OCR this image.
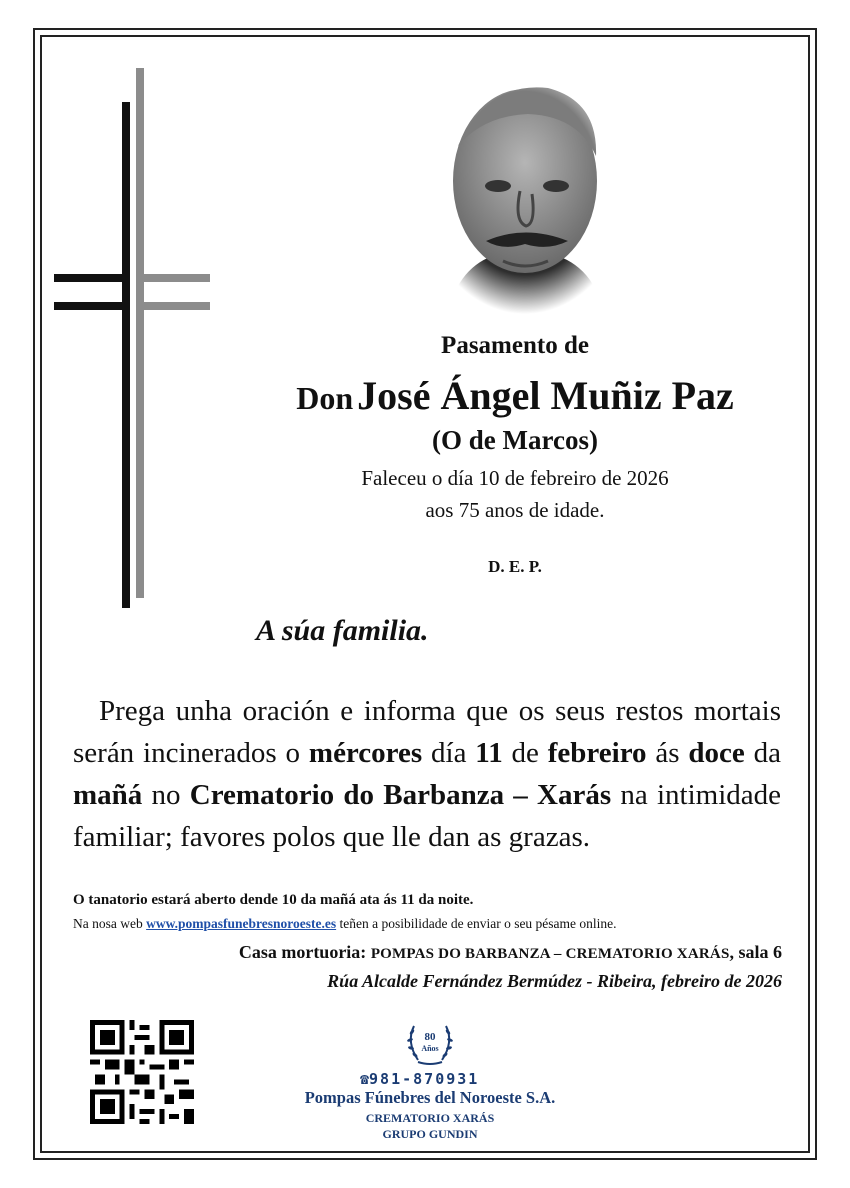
Pasamento de
Don José Ángel Muñiz Paz
(O de Marcos)
Faleceu o día 10 de febreiro de 2026
aos 75 anos de idade.
D. E. P.
A súa familia.
Prega unha oración e informa que os seus restos mortais serán incinerados o mércores día 11 de febreiro ás doce da mañá no Crematorio do Barbanza – Xarás na intimidade familiar; favores polos que lle dan as grazas.
O tanatorio estará aberto dende 10 da mañá ata ás 11 da noite.
Na nosa web www.pompasfunebresnoroeste.es teñen a posibilidade de enviar o seu pésame online.
Casa mortuoria: POMPAS DO BARBANZA – CREMATORIO XARÁS, sala 6
Rúa Alcalde Fernández Bermúdez - Ribeira, febreiro de 2026
80
Años
☎981-870931
Pompas Fúnebres del Noroeste S.A.
CREMATORIO XARÁS
GRUPO GUNDIN
